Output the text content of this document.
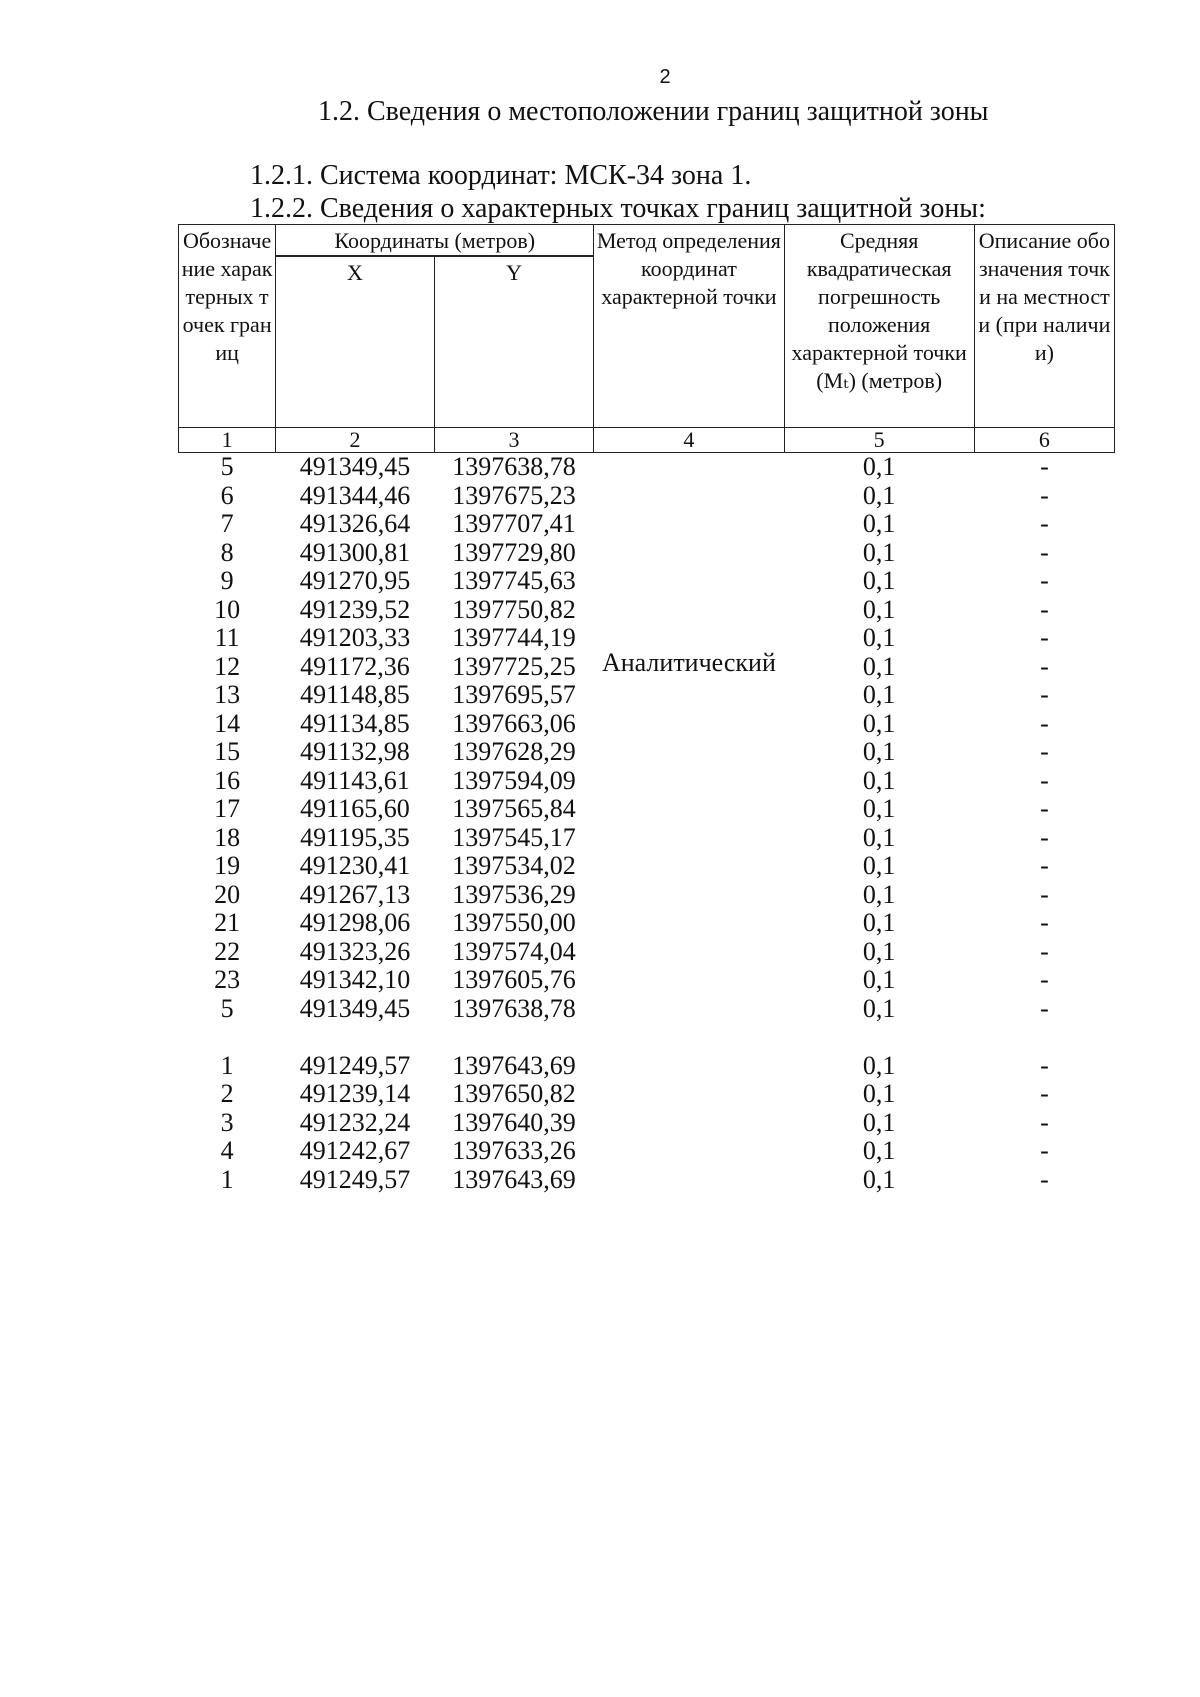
2
1.2. Сведения о местоположении границ защитной зоны
1.2.1. Система координат: МСК-34 зона 1.
1.2.2. Сведения о характерных точках границ защитной зоны:
Обозначение характерных точек границ	Координаты (метров)		Метод определения координат характерной точки	Средняя квадратическая погрешность положения характерной точки (Mₜ) (метров)	Описание обозначения точки на местности (при наличии)
	X	Y			
1	2	3	4	5	6
5	491349,45	1397638,78	Аналитический	0,1	-
6	491344,46	1397675,23		0,1	-
7	491326,64	1397707,41		0,1	-
8	491300,81	1397729,80		0,1	-
9	491270,95	1397745,63		0,1	-
10	491239,52	1397750,82		0,1	-
11	491203,33	1397744,19		0,1	-
12	491172,36	1397725,25		0,1	-
13	491148,85	1397695,57		0,1	-
14	491134,85	1397663,06		0,1	-
15	491132,98	1397628,29		0,1	-
16	491143,61	1397594,09		0,1	-
17	491165,60	1397565,84		0,1	-
18	491195,35	1397545,17		0,1	-
19	491230,41	1397534,02		0,1	-
20	491267,13	1397536,29		0,1	-
21	491298,06	1397550,00		0,1	-
22	491323,26	1397574,04		0,1	-
23	491342,10	1397605,76		0,1	-
5	491349,45	1397638,78		0,1	-

1	491249,57	1397643,69		0,1	-
2	491239,14	1397650,82		0,1	-
3	491232,24	1397640,39		0,1	-
4	491242,67	1397633,26		0,1	-
1	491249,57	1397643,69		0,1	-
